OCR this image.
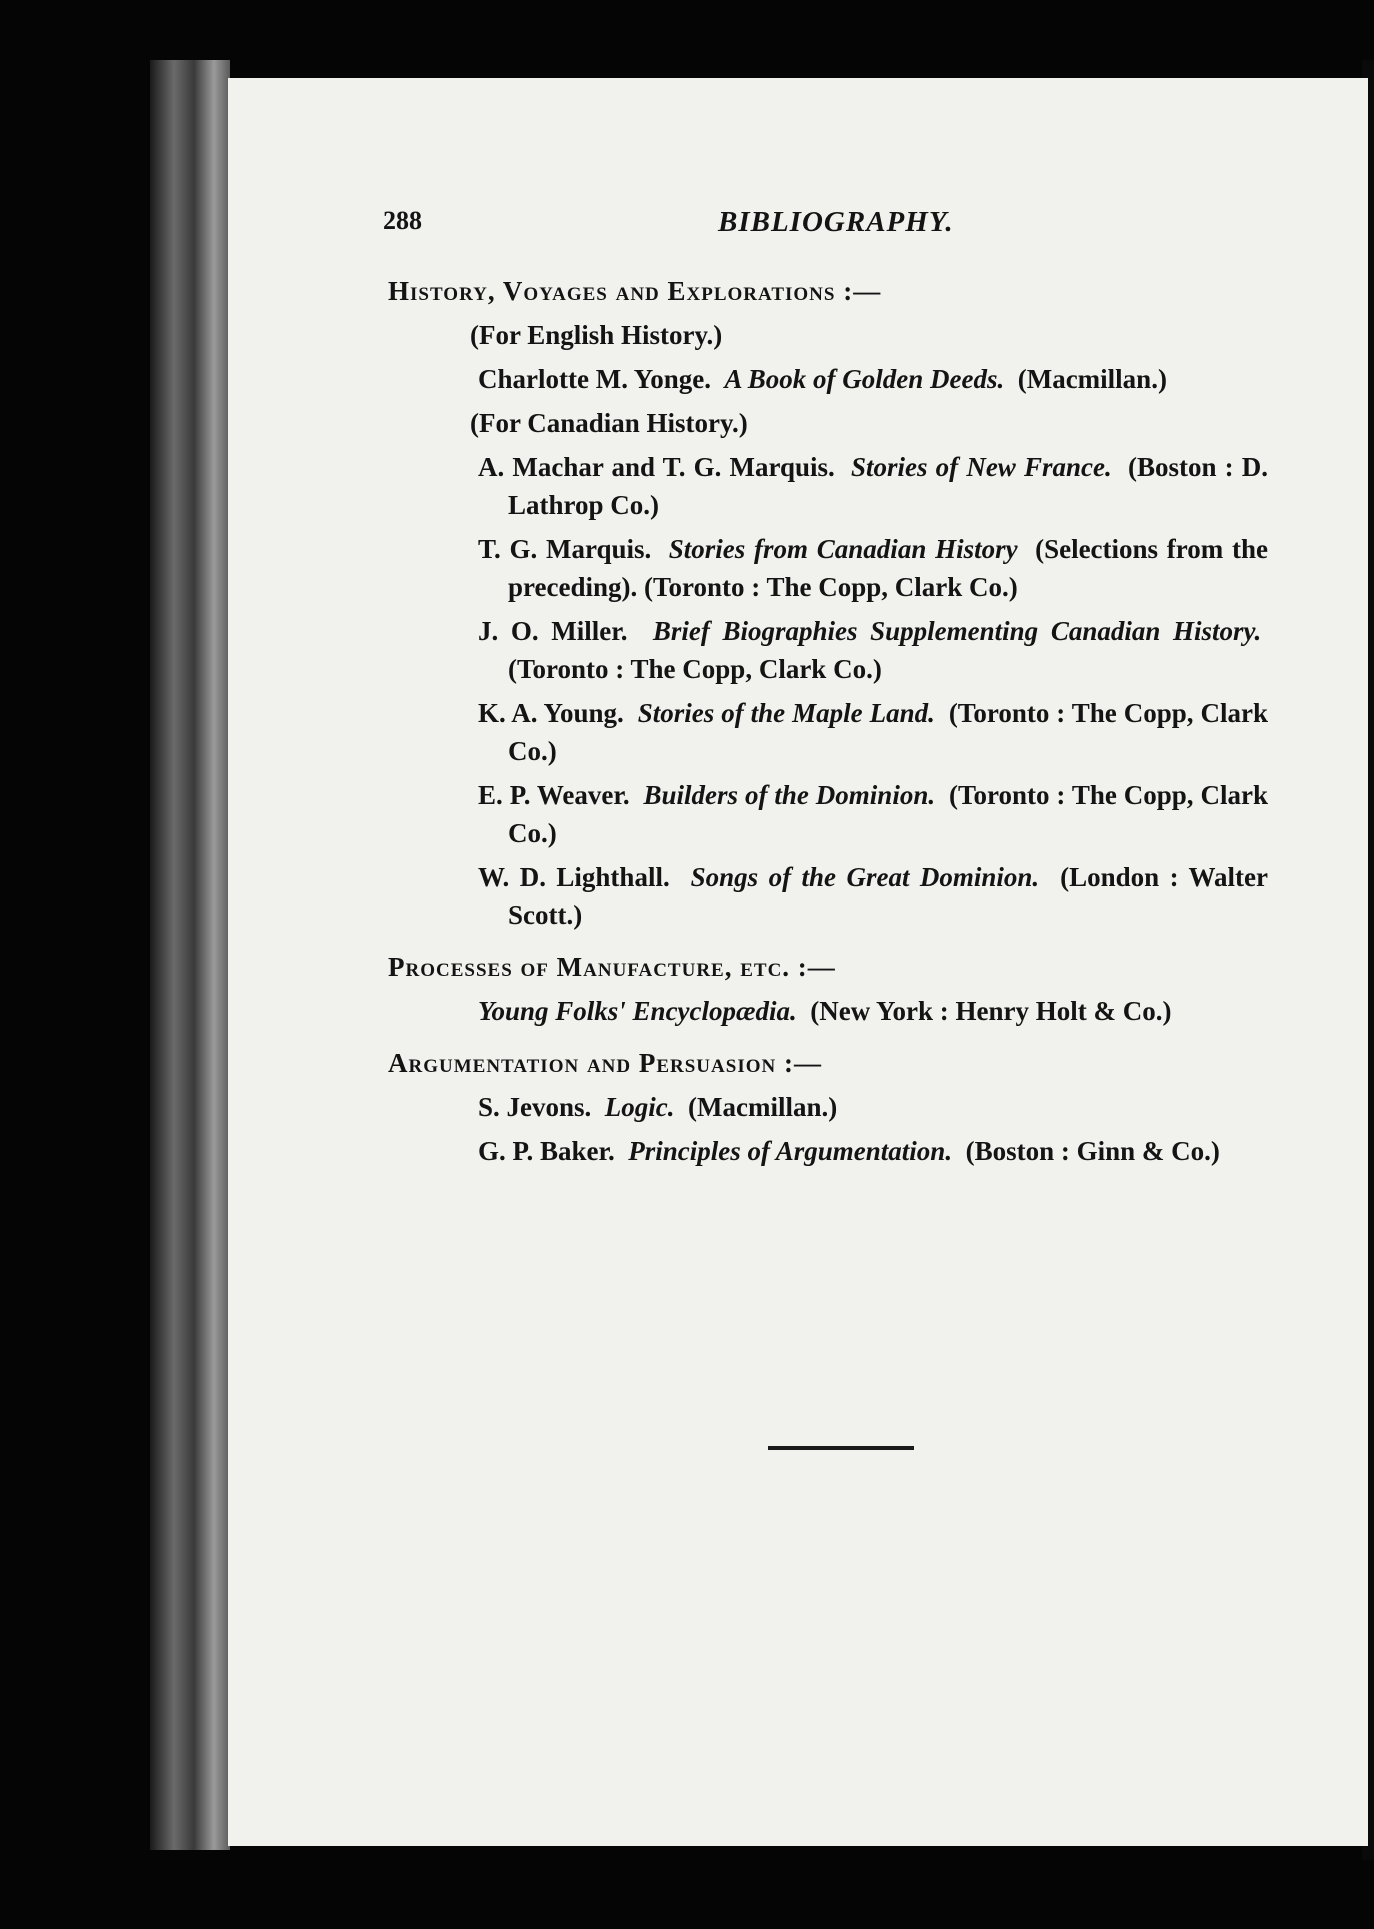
288	BIBLIOGRAPHY.
History, Voyages and Explorations :—
(For English History.)
Charlotte M. Yonge. A Book of Golden Deeds. (Macmillan.)
(For Canadian History.)
A. Machar and T. G. Marquis. Stories of New France. (Boston : D. Lathrop Co.)
T. G. Marquis. Stories from Canadian History (Selections from the preceding). (Toronto : The Copp, Clark Co.)
J. O. Miller. Brief Biographies Supplementing Canadian History.  (Toronto : The Copp, Clark Co.)
K. A. Young. Stories of the Maple Land. (Toronto : The Copp, Clark Co.)
E. P. Weaver. Builders of the Dominion. (Toronto : The Copp, Clark Co.)
W. D. Lighthall. Songs of the Great Dominion. (London : Walter Scott.)
Processes of Manufacture, etc. :—
Young Folks' Encyclopædia. (New York : Henry Holt & Co.)
Argumentation and Persuasion :—
S. Jevons. Logic. (Macmillan.)
G. P. Baker. Principles of Argumentation. (Boston : Ginn & Co.)
